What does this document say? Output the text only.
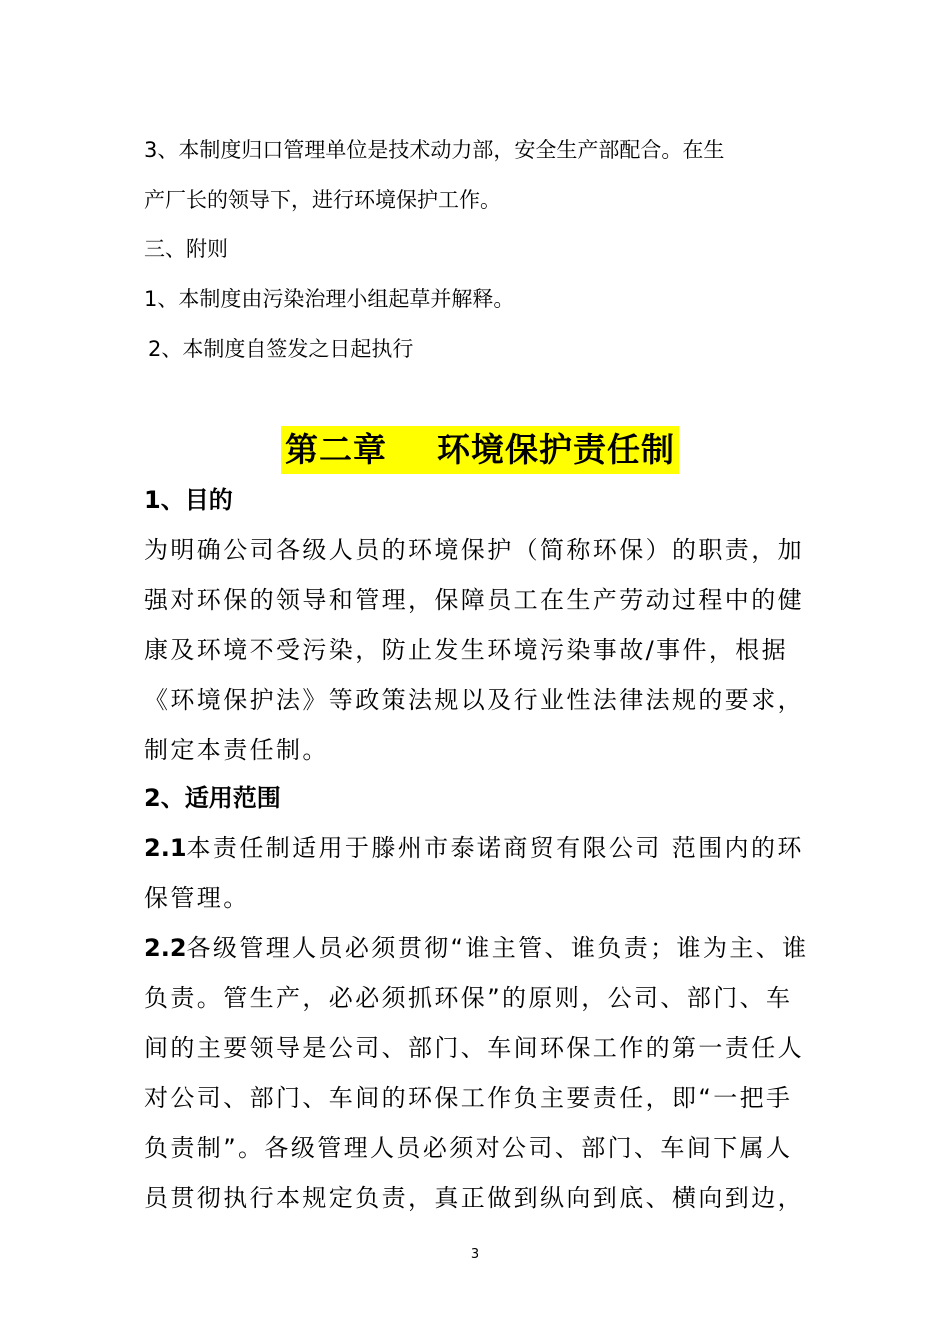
3、本制度归口管理单位是技术动力部，安全生产部配合。在生
产厂长的领导下，进行环境保护工作。
三、附则
1、本制度由污染治理小组起草并解释。
2、本制度自签发之日起执行
第二章    环境保护责任制
1、目的
为明确公司各级人员的环境保护（简称环保）的职责，加
强对环保的领导和管理，保障员工在生产劳动过程中的健
康及环境不受污染，防止发生环境污染事故/事件，根据
《环境保护法》等政策法规以及行业性法律法规的要求，
制定本责任制。
2、适用范围
2.1本责任制适用于滕州市泰诺商贸有限公司 范围内的环
保管理。
2.2各级管理人员必须贯彻“谁主管、谁负责；谁为主、谁
负责。管生产，必必须抓环保”的原则，公司、部门、车
间的主要领导是公司、部门、车间环保工作的第一责任人
对公司、部门、车间的环保工作负主要责任，即“一把手
负责制”。各级管理人员必须对公司、部门、车间下属人
员贯彻执行本规定负责，真正做到纵向到底、横向到边，
3
